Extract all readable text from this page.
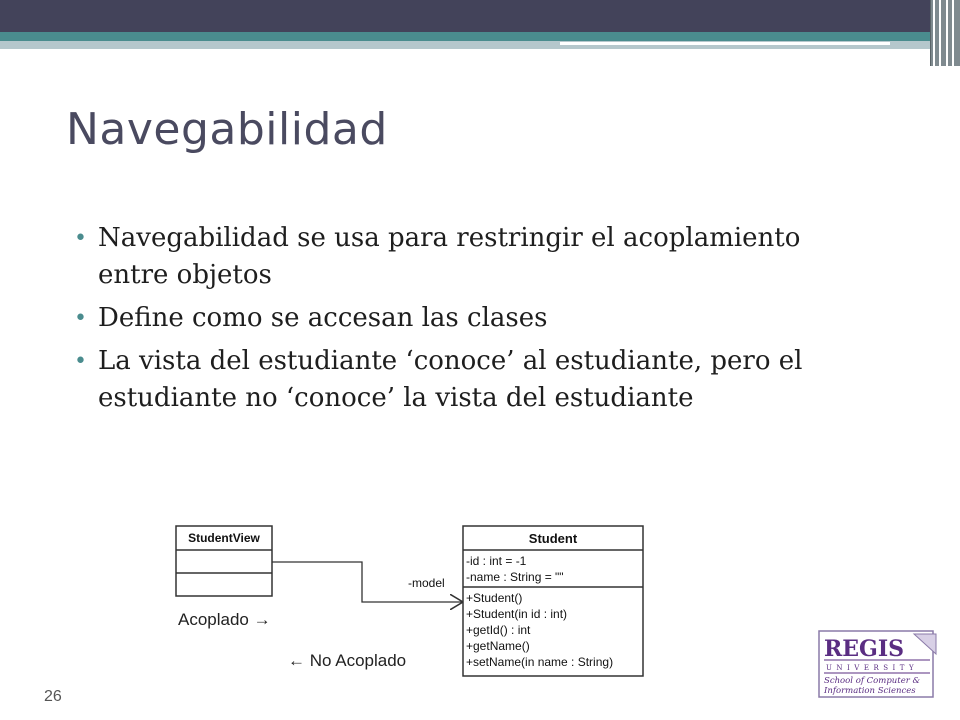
Navegabilidad
• Navegabilidad se usa para restringir el acoplamiento entre objetos
• Define como se accesan las clases
• La vista del estudiante ‘conoce’ al estudiante, pero el estudiante no ‘conoce’ la vista del estudiante
StudentView
-model
Student
-id : int = -1
-name : String = ""
+Student()
+Student(in id : int)
+getId() : int
+getName()
+setName(in name : String)
Acoplado →
← No Acoplado
26
REGIS
UNIVERSITY
School of Computer &
Information Sciences
